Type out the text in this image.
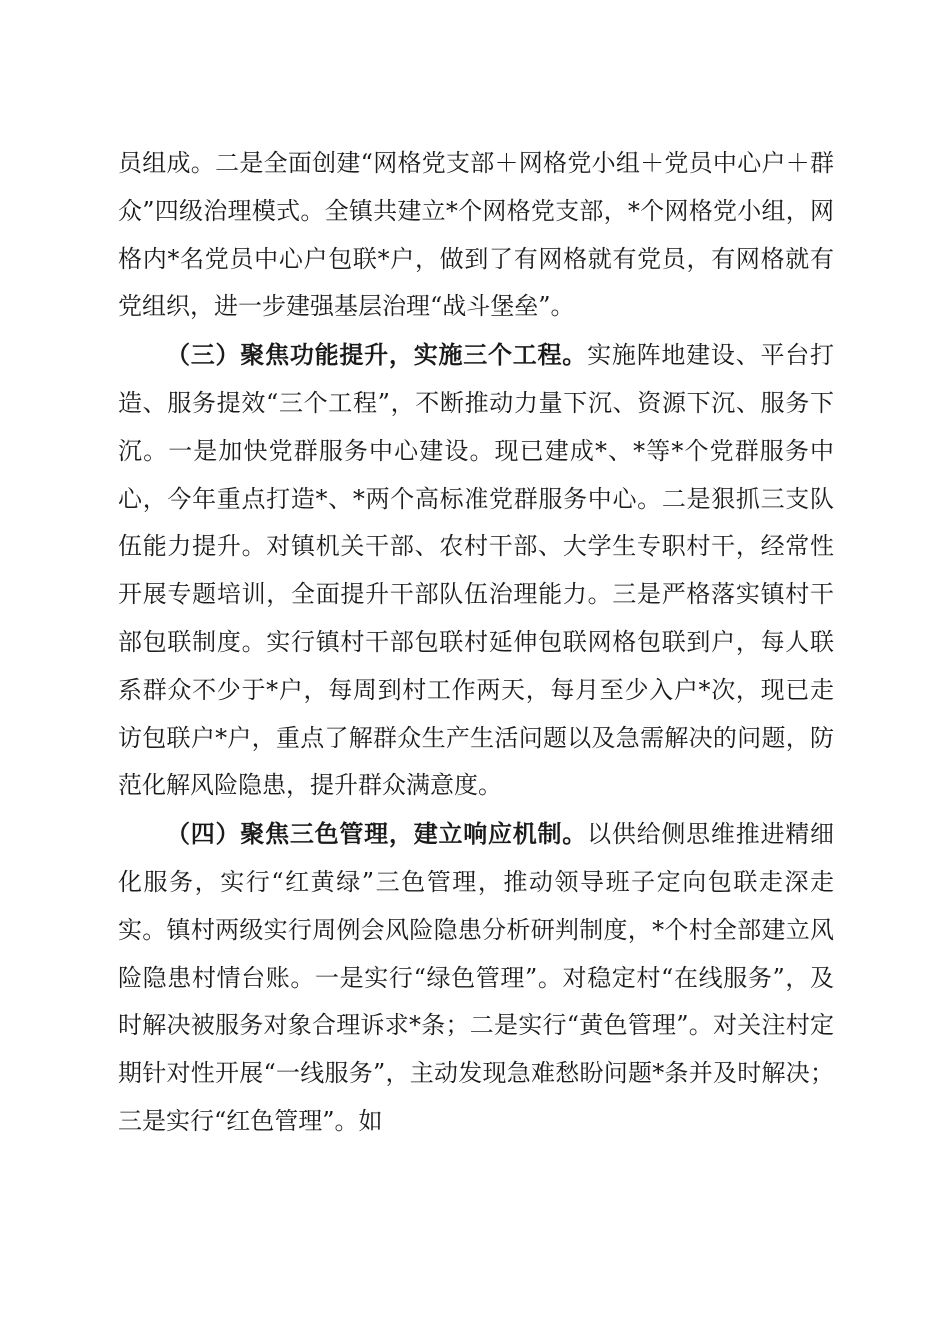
员组成。二是全面创建“网格党支部＋网格党小组＋党员中心户＋群众”四级治理模式。全镇共建立*个网格党支部，*个网格党小组，网格内*名党员中心户包联*户，做到了有网格就有党员，有网格就有党组织，进一步建强基层治理“战斗堡垒”。

（三）聚焦功能提升，实施三个工程。实施阵地建设、平台打造、服务提效“三个工程”，不断推动力量下沉、资源下沉、服务下沉。一是加快党群服务中心建设。现已建成*、*等*个党群服务中心，今年重点打造*、*两个高标准党群服务中心。二是狠抓三支队伍能力提升。对镇机关干部、农村干部、大学生专职村干，经常性开展专题培训，全面提升干部队伍治理能力。三是严格落实镇村干部包联制度。实行镇村干部包联村延伸包联网格包联到户，每人联系群众不少于*户，每周到村工作两天，每月至少入户*次，现已走访包联户*户，重点了解群众生产生活问题以及急需解决的问题，防范化解风险隐患，提升群众满意度。

（四）聚焦三色管理，建立响应机制。以供给侧思维推进精细化服务，实行“红黄绿”三色管理，推动领导班子定向包联走深走实。镇村两级实行周例会风险隐患分析研判制度，*个村全部建立风险隐患村情台账。一是实行“绿色管理”。对稳定村“在线服务”，及时解决被服务对象合理诉求*条；二是实行“黄色管理”。对关注村定期针对性开展“一线服务”，主动发现急难愁盼问题*条并及时解决；三是实行“红色管理”。如
